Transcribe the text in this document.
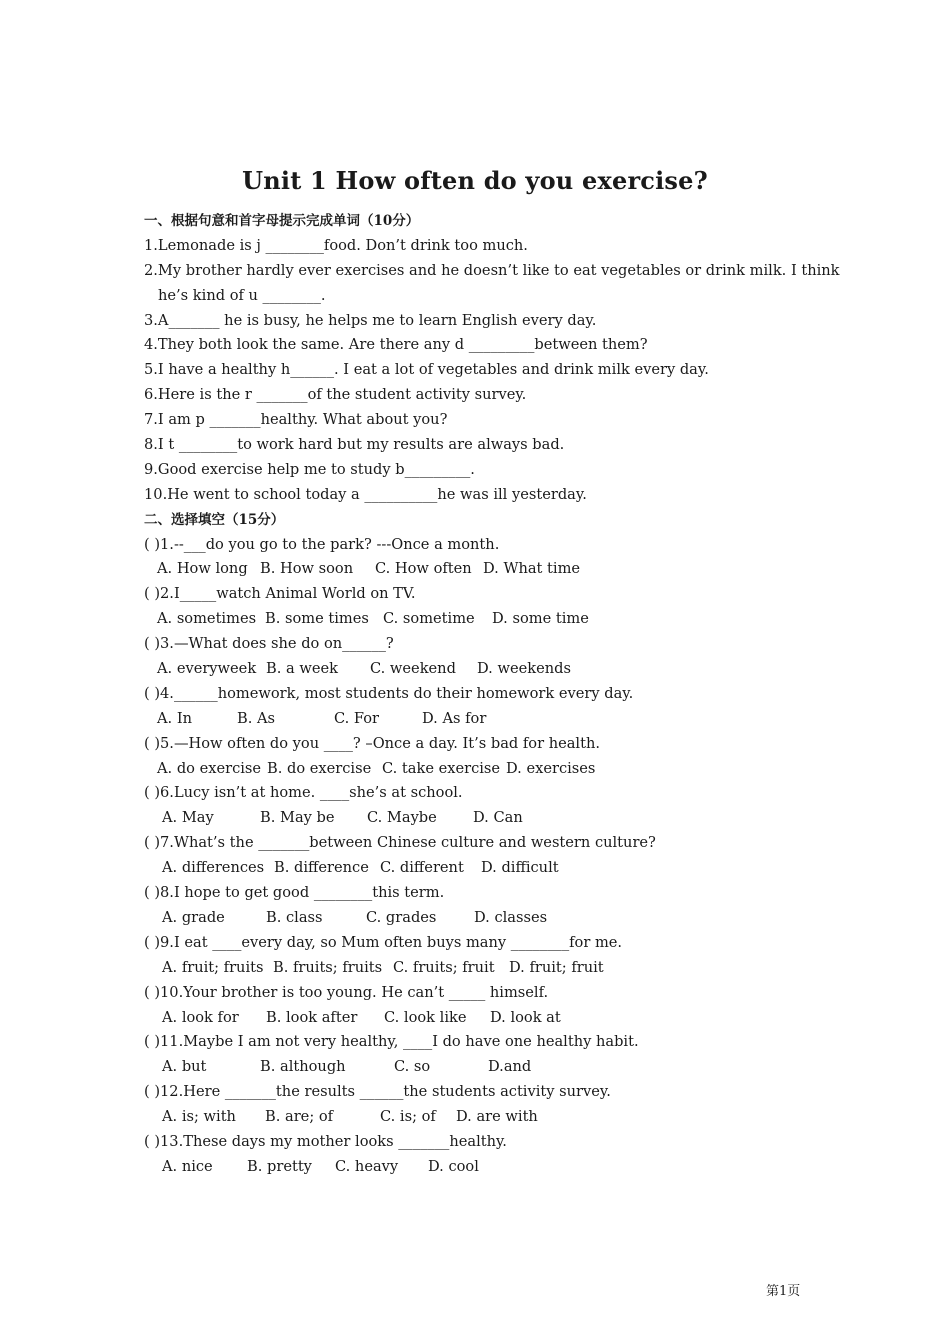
Unit 1 How often do you exercise?
一、根据句意和首字母提示完成单词（10分）
1.Lemonade is j ________food. Don’t drink too much.
2.My brother hardly ever exercises and he doesn’t like to eat vegetables or drink milk. I think
he’s kind of u ________.
3.A_______ he is busy, he helps me to learn English every day.
4.They both look the same. Are there any d _________between them?
5.I have a healthy h______. I eat a lot of vegetables and drink milk every day.
6.Here is the r _______of the student activity survey.
7.I am p _______healthy. What about you?
8.I t ________to work hard but my results are always bad.
9.Good exercise help me to study b_________.
10.He went to school today a __________he was ill yesterday.
二、选择填空（15分）
( )1.--___do you go to the park? ---Once a month.
A. How long B. How soon C. How often D. What time
( )2.I_____watch Animal World on TV.
A. sometimes B. some times C. sometime D. some time
( )3.—What does she do on______?
A. everyweek B. a week C. weekend D. weekends
( )4.______homework, most students do their homework every day.
A. In	B. As	C. For	D. As for
( )5.—How often do you ____? –Once a day. It’s bad for health.
A. do exercise B. do exercise C. take exercise D. exercises
( )6.Lucy isn’t at home. ____she’s at school.
A. May	B. May be C. Maybe D. Can
( )7.What’s the _______between Chinese culture and western culture?
A. differences B. difference C. different D. difficult
( )8.I hope to get good ________this term.
A. grade	B. class	C. grades	D. classes
( )9.I eat ____every day, so Mum often buys many ________for me.
A. fruit; fruits B. fruits; fruits C. fruits; fruit D. fruit; fruit
( )10.Your brother is too young. He can’t _____ himself.
A. look for B. look after C. look like D. look at
( )11.Maybe I am not very healthy, ____I do have one healthy habit.
A. but	B. although	C. so	D.and
( )12.Here _______the results ______the students activity survey.
A. is; with B. are; of	C. is; of D. are with
( )13.These days my mother looks _______healthy.
A. nice B. pretty C. heavy D. cool
第1页
